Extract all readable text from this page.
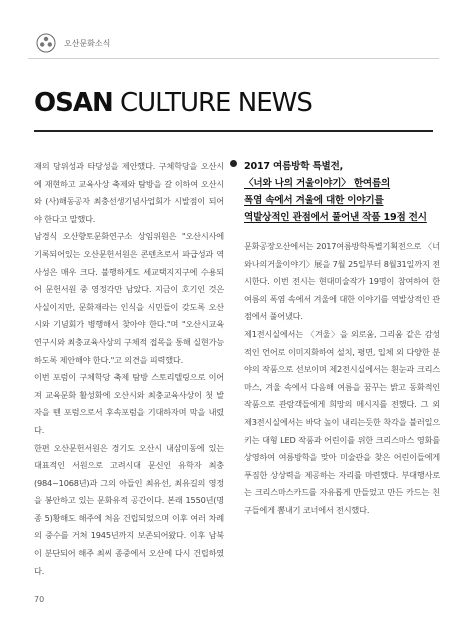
오산문화소식
OSAN CULTURE NEWS

재의 당위성과 타당성을 제안했다. 구체학당을 오산시에 재현하고 교육사상 축제와 탐방을 갈 이하여 오산시와 (사)해동공자 최충선생기념사업회가 시발점이 되어야 한다고 말했다.

남경식 오산향토문화연구소 상임위원은 "오산시사에 기록되어있는 오산문헌서원은 콘텐츠로서 파급성과 역사성은 매우 크다. 불행하게도 세교택지지구에 수용되어 문헌서원 중 영정각만 남았다. 지금이 호기인 것은 사실이지만, 문화재라는 인식을 시민들이 갖도록 오산시와 기념회가 병행해서 찾아야 한다."며 "오산시교육연구시와 최충교육사상의 구체적 접목을 통해 실현가능하도록 제안해야 한다."고 의견을 피력했다.

이번 포럼이 구체학당 축제 탐방 스토리텔링으로 이어져 교육문화 활성화에 오산시와 최충교육사상이 첫 발자을 뗀 포럼으로서 후속포럼을 기대하자며 막을 내렸다.

한편 오산문헌서원은 경기도 오산시 내삼미동에 있는 대표적인 서원으로 고려시대 문신인 유학자 최충(984~1068년)과 그의 아들인 최유선, 최유길의 영정을 봉안하고 있는 문화유적 공간이다. 본래 1550년(명종 5)황해도 해주에 처음 건립되었으며 이후 여러 차례의 중수를 거쳐 1945년까지 보존되어왔다. 이후 남북이 분단되어 해주 최씨 종중에서 오산에 다시 건립하였다.

2017 여름방학 특별전,
〈너와 나의 거울이야기〉 한여름의
폭염 속에서 겨울에 대한 이야기를
역발상적인 관점에서 풀어낸 작품 19점 전시

문화공장오산에서는 2017여름방학특별기획전으로 〈너와나의거울이야기〉展을 7월 25일부터 8월31일까지 전시한다. 이번 전시는 현대미술작가 19명이 참여하여 한여름의 폭염 속에서 겨울에 대한 이야기를 역발상적인 관점에서 풀어냈다.

제1전시실에서는 〈겨울〉을 외로움, 그리움 같은 감성적인 언어로 이미지화하여 설치, 평면, 입체 외 다양한 분야의 작품으로 선보이며 제2전시실에서는 흰눈과 크리스마스, 겨울 속에서 다음해 여름을 꿈꾸는 밝고 동화적인 작품으로 관람객들에게 희망의 메시지를 전했다. 그 외 제3전시실에서는 바닥 높이 내리는듯한 착각을 불러일으키는 대형 LED 작품과 어린이를 위한 크리스마스 영화를 상영하여 여름방학을 맞아 미술관을 찾은 어린이들에게 푸짐한 상상력을 제공하는 자리를 마련했다. 부대행사로는 크리스마스카드를 자유롭게 만들었고 만든 카드는 친구들에게 뽐내기 코너에서 전시했다.

70
